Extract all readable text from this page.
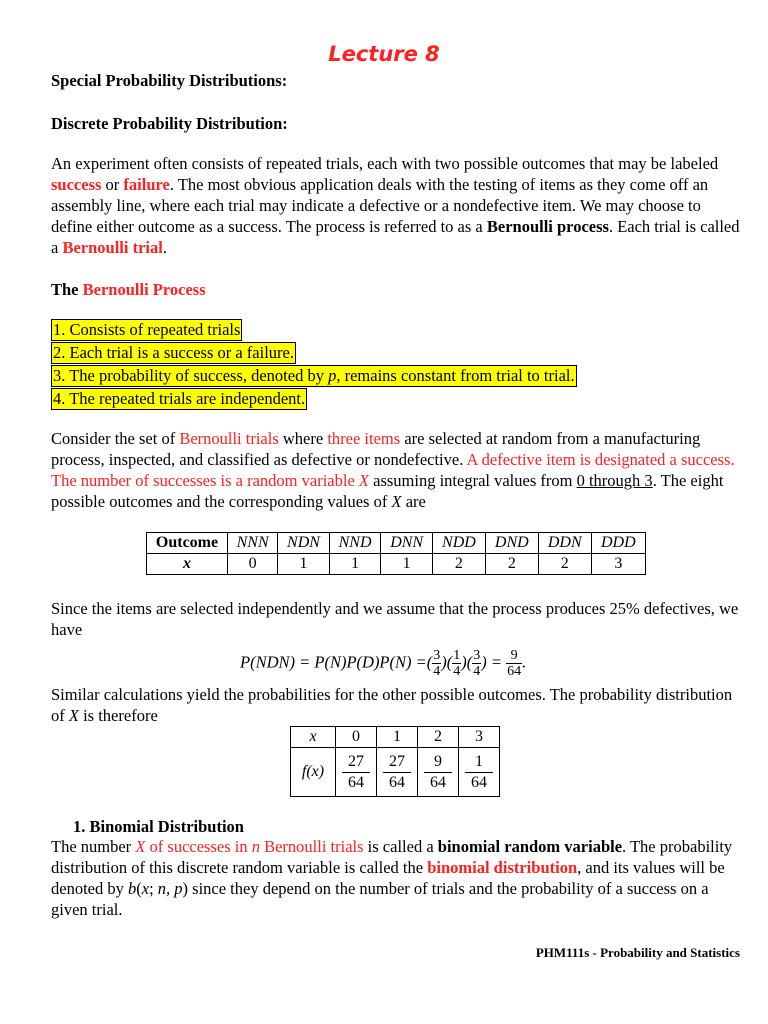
Lecture 8
Special Probability Distributions:
Discrete Probability Distribution:
An experiment often consists of repeated trials, each with two possible outcomes that may be labeled success or failure. The most obvious application deals with the testing of items as they come off an assembly line, where each trial may indicate a defective or a nondefective item. We may choose to define either outcome as a success. The process is referred to as a Bernoulli process. Each trial is called a Bernoulli trial.
The Bernoulli Process
1. Consists of repeated trials
2. Each trial is a success or a failure.
3. The probability of success, denoted by p, remains constant from trial to trial.
4. The repeated trials are independent.
Consider the set of Bernoulli trials where three items are selected at random from a manufacturing process, inspected, and classified as defective or nondefective. A defective item is designated a success. The number of successes is a random variable X assuming integral values from 0 through 3. The eight possible outcomes and the corresponding values of X are
Outcome	NNN	NDN	NND	DNN	NDD	DND	DDN	DDD
x	0	1	1	1	2	2	2	3
Since the items are selected independently and we assume that the process produces 25% defectives, we have
P(NDN) = P(N)P(D)P(N) =( $\frac{3}{4}$ )( $\frac{1}{4}$ )( $\frac{3}{4}$ ) = $\frac{9}{64}$ .
Similar calculations yield the probabilities for the other possible outcomes. The probability distribution of X is therefore
x	0	1	2	3
f(x)	$\frac{27}{64}$	$\frac{27}{64}$	$\frac{9}{64}$	$\frac{1}{64}$
1. Binomial Distribution
The number X of successes in n Bernoulli trials is called a binomial random variable. The probability distribution of this discrete random variable is called the binomial distribution, and its values will be denoted by b(x; n, p) since they depend on the number of trials and the probability of a success on a given trial.
PHM111s - Probability and Statistics
